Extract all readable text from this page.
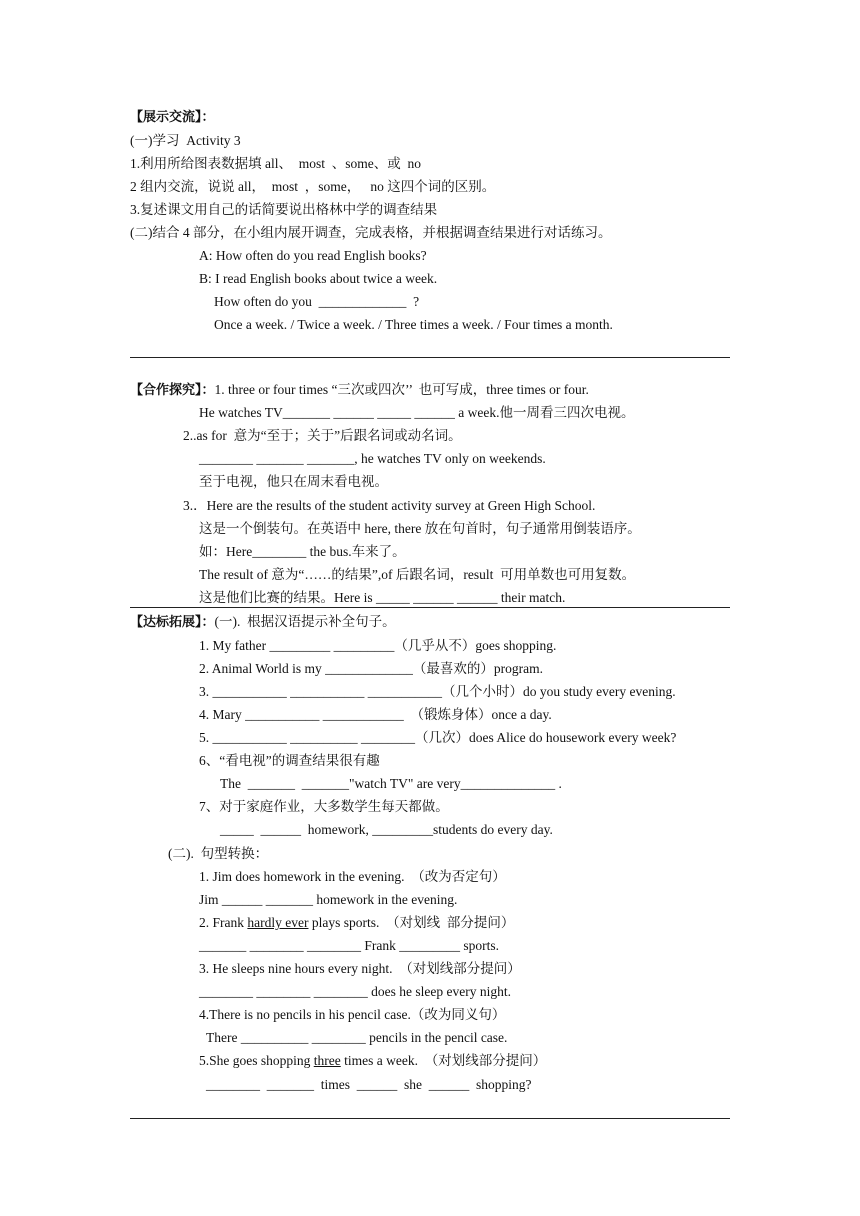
【展示交流】：
(一)学习  Activity 3
1.利用所给图表数据填 all、  most  、some、或  no
2 组内交流，说说 all，  most  ，some，   no 这四个词的区别。
3.复述课文用自己的话简要说出格林中学的调查结果
(二)结合 4 部分，在小组内展开调查，完成表格，并根据调查结果进行对话练习。
A: How often do you read English books?
B: I read English books about twice a week.
How often do you  _____________  ?
Once a week. / Twice a week. / Three times a week. / Four times a month.
【合作探究】：1. three or four times “三次或四次’’  也可写成，three times or four.
He watches TV_______ ______ _____ ______ a week.他一周看三四次电视。
2..as for  意为“至于；关于”后跟名词或动名词。
________ _______ _______, he watches TV only on weekends.
至于电视，他只在周末看电视。
3.．Here are the results of the student activity survey at Green High School.
这是一个倒装句。在英语中 here, there 放在句首时，句子通常用倒装语序。
如：Here________ the bus.车来了。
The result of 意为“……的结果”,of 后跟名词，result  可用单数也可用复数。
这是他们比赛的结果。Here is _____ ______ ______ their match.
【达标拓展】：(一).  根据汉语提示补全句子。
1. My father _________ _________（几乎从不）goes shopping.
2. Animal World is my _____________（最喜欢的）program.
3. ___________ ___________ ___________（几个小时）do you study every evening.
4. Mary ___________ ____________  （锻炼身体）once a day.
5. ___________ __________ ________（几次）does Alice do housework every week?
6、“看电视”的调查结果很有趣
The  _______  _______"watch TV" are very______________ .
7、对于家庭作业，大多数学生每天都做。
_____  ______  homework, _________students do every day.
(二).  句型转换：
1. Jim does homework in the evening.  （改为否定句）
Jim ______ _______ homework in the evening.
2. Frank hardly ever plays sports.  （对划线  部分提问）
_______ ________ ________ Frank _________ sports.
3. He sleeps nine hours every night.  （对划线部分提问）
________ ________ ________ does he sleep every night.
4.There is no pencils in his pencil case.（改为同义句）
There __________ ________ pencils in the pencil case.
5.She goes shopping three times a week.  （对划线部分提问）
________  _______  times  ______  she  ______  shopping?
